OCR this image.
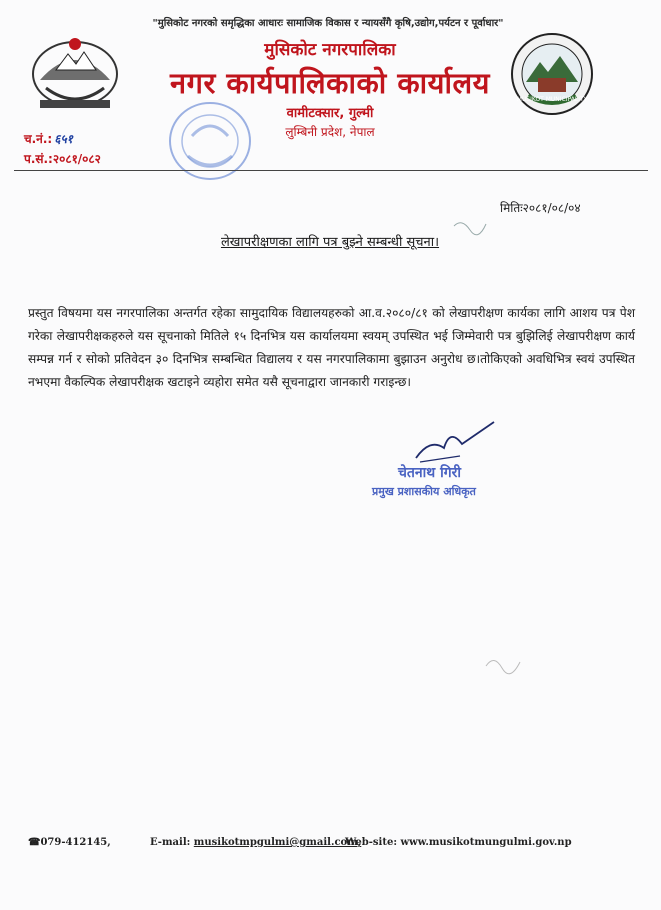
MUSIKOT MUNICIPALITY
"मुसिकोट नगरको समृद्धिका आधारः सामाजिक विकास र न्यायसँगै कृषि,उद्योग,पर्यटन र पूर्वाधार"
मुसिकोट नगरपालिका
नगर कार्यपालिकाको कार्यालय
वामीटक्सार, गुल्मी
लुम्बिनी प्रदेश, नेपाल
च.नं.: ६५१
प.सं.:२०८१/०८२
मितिः२०८१/०८/०४
लेखापरीक्षणका लागि पत्र बुझ्ने सम्बन्धी सूचना।
प्रस्तुत विषयमा यस नगरपालिका अन्तर्गत रहेका सामुदायिक विद्यालयहरुको आ.व.२०८०/८१ को लेखापरीक्षण कार्यका लागि आशय पत्र पेश गरेका लेखापरीक्षकहरुले यस सूचनाको मितिले १५ दिनभित्र यस कार्यालयमा स्वयम् उपस्थित भई जिम्मेवारी पत्र बुझिलिई लेखापरीक्षण कार्य सम्पन्न गर्न र सोको प्रतिवेदन ३० दिनभित्र सम्बन्धित विद्यालय र यस नगरपालिकामा बुझाउन अनुरोध छ।तोकिएको अवधिभित्र स्वयं उपस्थित नभएमा वैकल्पिक लेखापरीक्षक खटाइने व्यहोरा समेत यसै सूचनाद्वारा जानकारी गराइन्छ।
चेतनाथ गिरी
प्रमुख प्रशासकीय अधिकृत
☎079-412145,	E-mail: musikotmpgulmi@gmail.com,
Web-site: www.musikotmungulmi.gov.np
